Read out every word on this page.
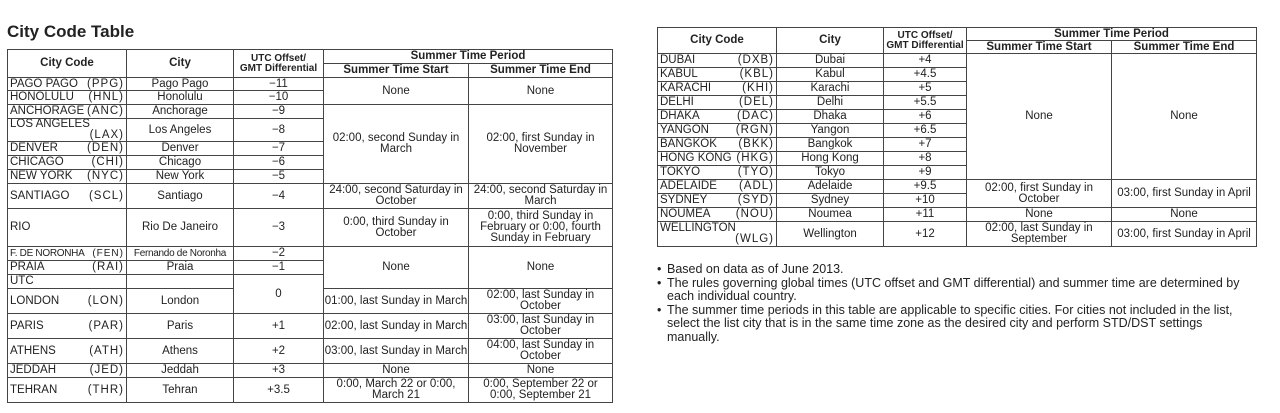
City Code Table
City Code	City	UTC Offset/
GMT Differential	Summer Time Period	
			Summer Time Start	Summer Time End

PAGO PAGO (PPG)	Pago Pago	−11	None	None

HONOLULU (HNL)	Honolulu	−10		

ANCHORAGE (ANC)	Anchorage	−9	02:00, second Sunday in March	02:00, first Sunday in November

LOS ANGELES
(LAX)	Los Angeles	−8		

DENVER (DEN)	Denver	−7		

CHICAGO (CHI)	Chicago	−6		

NEW YORK (NYC)	New York	−5		

SANTIAGO (SCL)	Santiago	−4	24:00, second Saturday in October	24:00, second Saturday in March

RIO	Rio De Janeiro	−3	0:00, third Sunday in October	0:00, third Sunday in February or 0:00, fourth Sunday in February

F. DE NORONHA (FEN)	Fernando de Noronha	−2	None	None

PRAIA (RAI)	Praia	−1		

UTC		0		

LONDON (LON)	London		01:00, last Sunday in March	02:00, last Sunday in October

PARIS (PAR)	Paris	+1	02:00, last Sunday in March	03:00, last Sunday in October

ATHENS (ATH)	Athens	+2	03:00, last Sunday in March	04:00, last Sunday in October

JEDDAH (JED)	Jeddah	+3	None	None

TEHRAN (THR)	Tehran	+3.5	0:00, March 22 or 0:00, March 21	0:00, September 22 or 0:00, September 21
City Code	City	UTC Offset/
GMT Differential	Summer Time Period	
			Summer Time Start	Summer Time End

DUBAI (DXB)	Dubai	+4	None	None

KABUL (KBL)	Kabul	+4.5		

KARACHI (KHI)	Karachi	+5		

DELHI (DEL)	Delhi	+5.5		

DHAKA (DAC)	Dhaka	+6		

YANGON (RGN)	Yangon	+6.5		

BANGKOK (BKK)	Bangkok	+7		

HONG KONG (HKG)	Hong Kong	+8		

TOKYO (TYO)	Tokyo	+9		

ADELAIDE (ADL)	Adelaide	+9.5	02:00, first Sunday in October	03:00, first Sunday in April

SYDNEY (SYD)	Sydney	+10		

NOUMEA (NOU)	Noumea	+11	None	None

WELLINGTON
(WLG)	Wellington	+12	02:00, last Sunday in September	03:00, first Sunday in April
• Based on data as of June 2013.
• The rules governing global times (UTC offset and GMT differential) and summer time are determined by each individual country.
• The summer time periods in this table are applicable to specific cities. For cities not included in the list, select the list city that is in the same time zone as the desired city and perform STD/DST settings manually.
